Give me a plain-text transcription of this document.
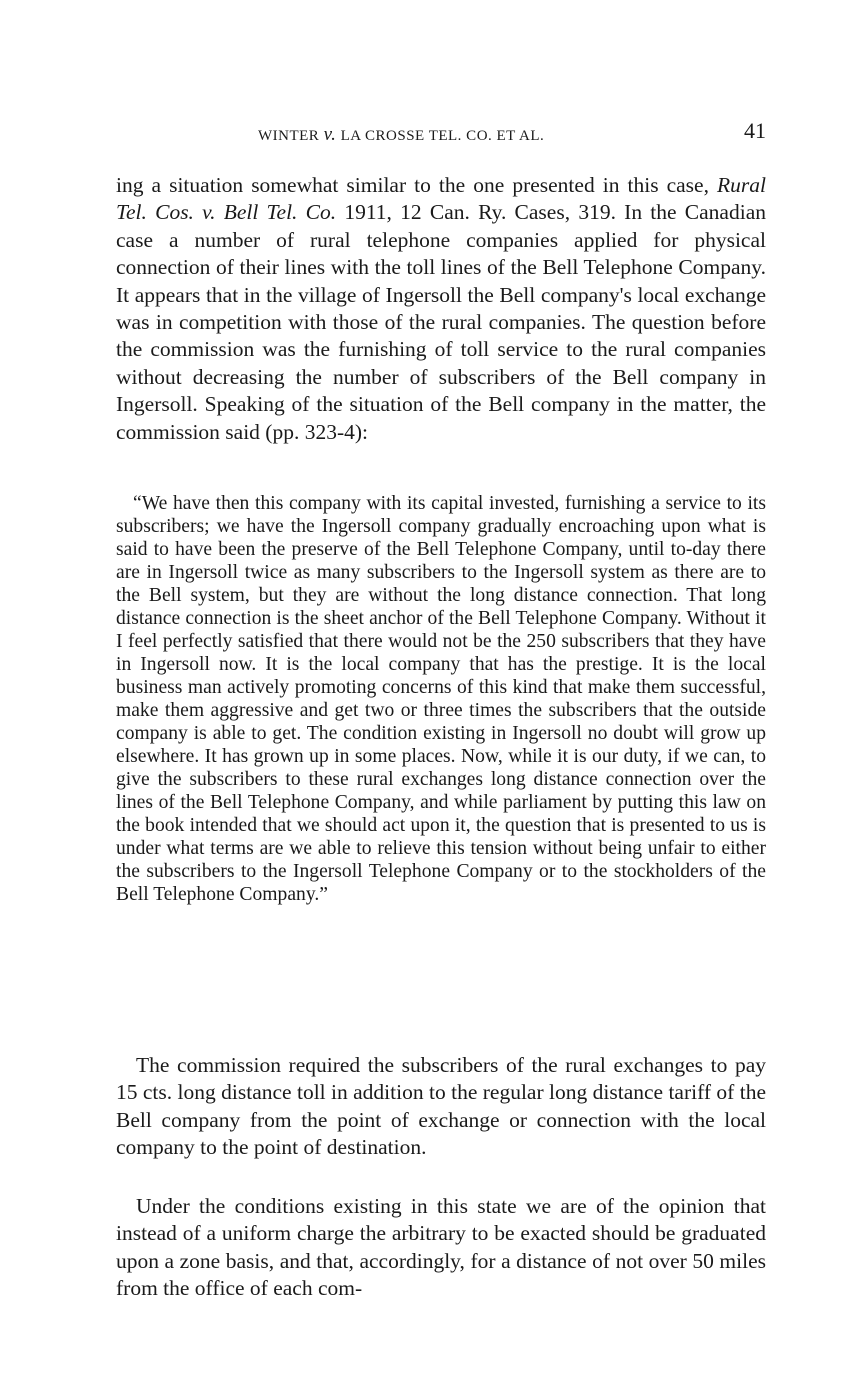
WINTER v. LA CROSSE TEL. CO. ET AL.	41

ing a situation somewhat similar to the one presented in this case, Rural Tel. Cos. v. Bell Tel. Co. 1911, 12 Can. Ry. Cases, 319. In the Canadian case a number of rural telephone companies applied for physical connection of their lines with the toll lines of the Bell Telephone Company. It appears that in the village of Ingersoll the Bell company's local exchange was in competition with those of the rural companies. The question before the commission was the furnishing of toll service to the rural companies without decreasing the number of subscribers of the Bell company in Ingersoll. Speaking of the situation of the Bell company in the matter, the commission said (pp. 323-4):

“We have then this company with its capital invested, furnishing a service to its subscribers; we have the Ingersoll company gradually encroaching upon what is said to have been the preserve of the Bell Telephone Company, until to-day there are in Ingersoll twice as many subscribers to the Ingersoll system as there are to the Bell system, but they are without the long distance connection. That long distance connection is the sheet anchor of the Bell Telephone Company. Without it I feel perfectly satisfied that there would not be the 250 subscribers that they have in Ingersoll now. It is the local company that has the prestige. It is the local business man actively promoting concerns of this kind that make them successful, make them aggressive and get two or three times the subscribers that the outside company is able to get. The condition existing in Ingersoll no doubt will grow up elsewhere. It has grown up in some places. Now, while it is our duty, if we can, to give the subscribers to these rural exchanges long distance connection over the lines of the Bell Telephone Company, and while parliament by putting this law on the book intended that we should act upon it, the question that is presented to us is under what terms are we able to relieve this tension without being unfair to either the subscribers to the Ingersoll Telephone Company or to the stockholders of the Bell Telephone Company.”

The commission required the subscribers of the rural exchanges to pay 15 cts. long distance toll in addition to the regular long distance tariff of the Bell company from the point of exchange or connection with the local company to the point of destination.

Under the conditions existing in this state we are of the opinion that instead of a uniform charge the arbitrary to be exacted should be graduated upon a zone basis, and that, accordingly, for a distance of not over 50 miles from the office of each com-
